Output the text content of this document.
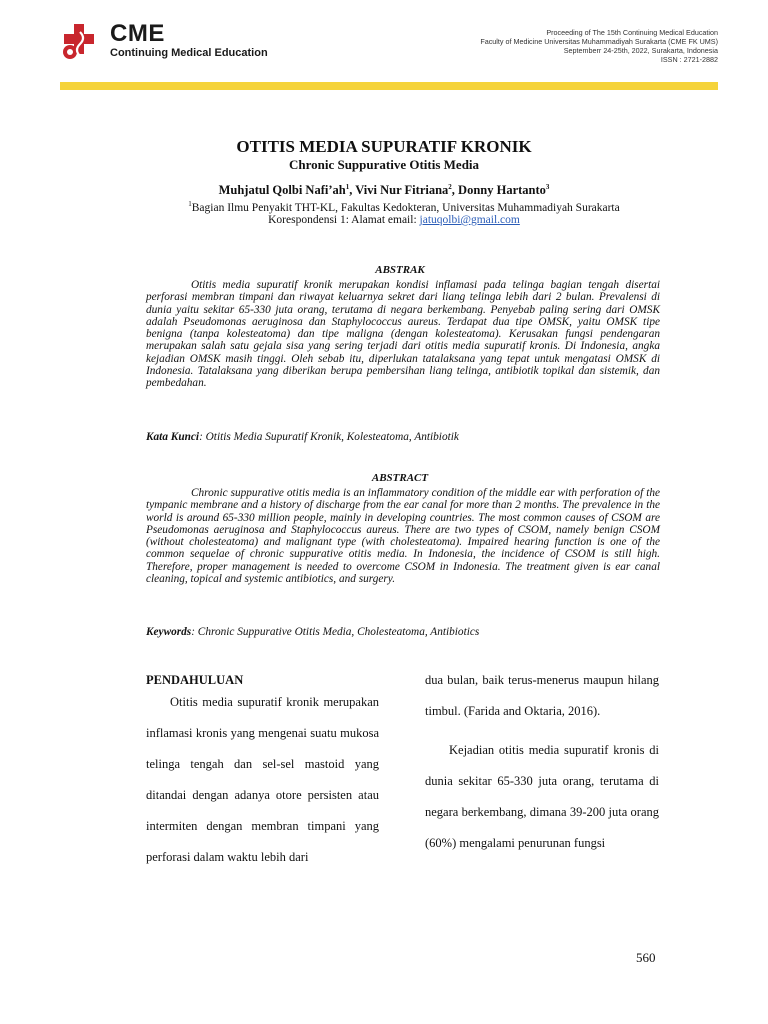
CME
Continuing Medical Education
Proceeding of The 15th Continuing Medical Education
Faculty of Medicine Universitas Muhammadiyah Surakarta (CME FK UMS)
Septemberr 24-25th, 2022, Surakarta, Indonesia
ISSN : 2721-2882
OTITIS MEDIA SUPURATIF KRONIK
Chronic Suppurative Otitis Media
Muhjatul Qolbi $Nafi’ah^1$, Vivi Nur Fitriana$^2$, Donny Hartanto$^3$
$^1$Bagian Ilmu Penyakit THT-KL, Fakultas Kedokteran, Universitas Muhammadiyah Surakarta
Korespondensi 1: Alamat email: jatuqolbi@gmail.com
ABSTRAK
Otitis media supuratif kronik merupakan kondisi inflamasi pada telinga bagian tengah disertai perforasi membran timpani dan riwayat keluarnya sekret dari liang telinga lebih dari 2 bulan. Prevalensi di dunia yaitu sekitar 65-330 juta orang, terutama di negara berkembang. Penyebab paling sering dari OMSK adalah Pseudomonas aeruginosa dan Staphylococcus aureus. Terdapat dua tipe OMSK, yaitu OMSK tipe benigna (tanpa kolesteatoma) dan tipe maligna (dengan kolesteatoma). Kerusakan fungsi pendengaran merupakan salah satu gejala sisa yang sering terjadi dari otitis media supuratif kronis. Di Indonesia, angka kejadian OMSK masih tinggi. Oleh sebab itu, diperlukan tatalaksana yang tepat untuk mengatasi OMSK di Indonesia. Tatalaksana yang diberikan berupa pembersihan liang telinga, antibiotik topikal dan sistemik, dan pembedahan.
Kata Kunci: Otitis Media Supuratif Kronik, Kolesteatoma, Antibiotik
ABSTRACT
Chronic suppurative otitis media is an inflammatory condition of the middle ear with perforation of the tympanic membrane and a history of discharge from the ear canal for more than 2 months. The prevalence in the world is around 65-330 million people, mainly in developing countries. The most common causes of CSOM are Pseudomonas aeruginosa and Staphylococcus aureus. There are two types of CSOM, namely benign CSOM (without cholesteatoma) and malignant type (with cholesteatoma). Impaired hearing function is one of the common sequelae of chronic suppurative otitis media. In Indonesia, the incidence of CSOM is still high. Therefore, proper management is needed to overcome CSOM in Indonesia. The treatment given is ear canal cleaning, topical and systemic antibiotics, and surgery.
Keywords: Chronic Suppurative Otitis Media, Cholesteatoma, Antibiotics
PENDAHULUAN
Otitis media supuratif kronik merupakan inflamasi kronis yang mengenai suatu mukosa telinga tengah dan sel-sel mastoid yang ditandai dengan adanya otore persisten atau intermiten dengan membran timpani yang perforasi dalam waktu lebih dari
dua bulan, baik terus-menerus maupun hilang timbul. (Farida and Oktaria, 2016).
Kejadian otitis media supuratif kronis di dunia sekitar 65-330 juta orang, terutama di negara berkembang, dimana 39-200 juta orang (60%) mengalami penurunan fungsi
560
